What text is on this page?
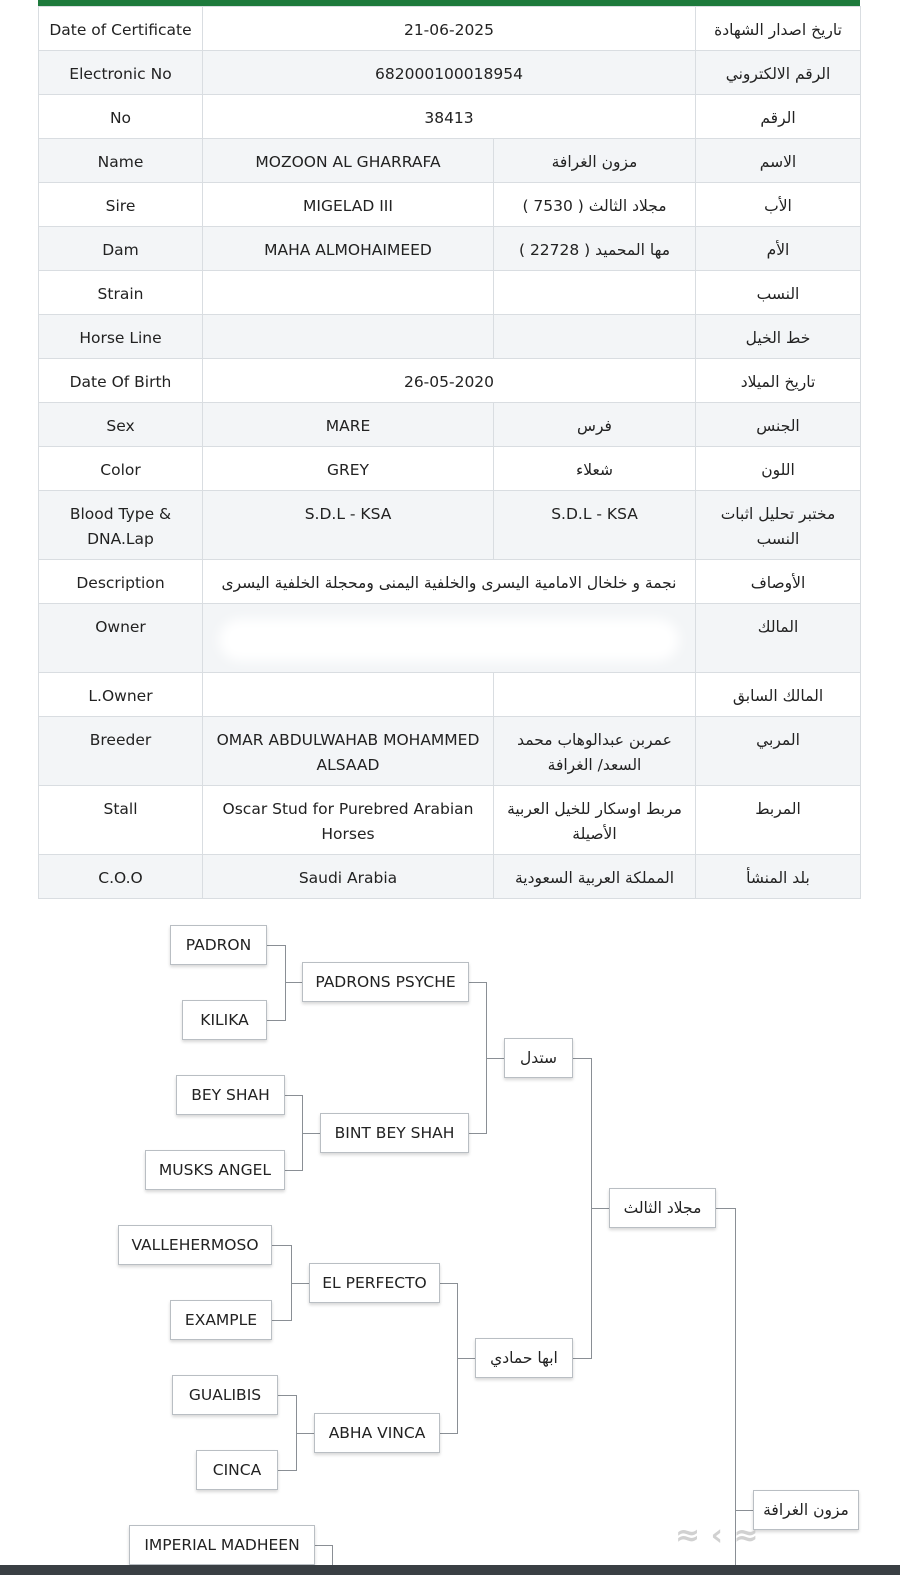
Date of Certificate	21-06-2025		تاريخ اصدار الشهادة
Electronic No	682000100018954		الرقم الالكتروني
No	38413		الرقم
Name	MOZOON AL GHARRAFA	مزون الغرافة	الاسم
Sire	MIGELAD III	مجلاد الثالث ( 7530 )	الأب
Dam	MAHA ALMOHAIMEED	مها المحميد ( 22728 )	الأم
Strain			النسب
Horse Line			خط الخيل
Date Of Birth	26-05-2020		تاريخ الميلاد
Sex	MARE	فرس	الجنس
Color	GREY	شعلاء	اللون
Blood Type & DNA.Lap	S.D.L - KSA	S.D.L - KSA	مختبر تحليل اثبات النسب
Description	نجمة و خلخال الامامية اليسرى والخلفية اليمنى ومحجلة الخلفية اليسرى		الأوصاف
Owner			المالك
L.Owner			المالك السابق
Breeder	OMAR ABDULWAHAB MOHAMMED ALSAAD	عمربن عبدالوهاب محمد السعد/ الغرافة	المربي
Stall	Oscar Stud for Purebred Arabian Horses	مربط اوسكار للخيل العربية الأصيلة	المربط
C.O.O	Saudi Arabia	المملكة العربية السعودية	بلد المنشأ
PADRON
KILIKA
BEY SHAH
MUSKS ANGEL
VALLEHERMOSO
EXAMPLE
GUALIBIS
CINCA
IMPERIAL MADHEEN
PADRONS PSYCHE
BINT BEY SHAH
EL PERFECTO
ABHA VINCA
ستدل
ابها حمادي
مجلاد الثالث
مزون الغرافة
≈ ‹ ≈
